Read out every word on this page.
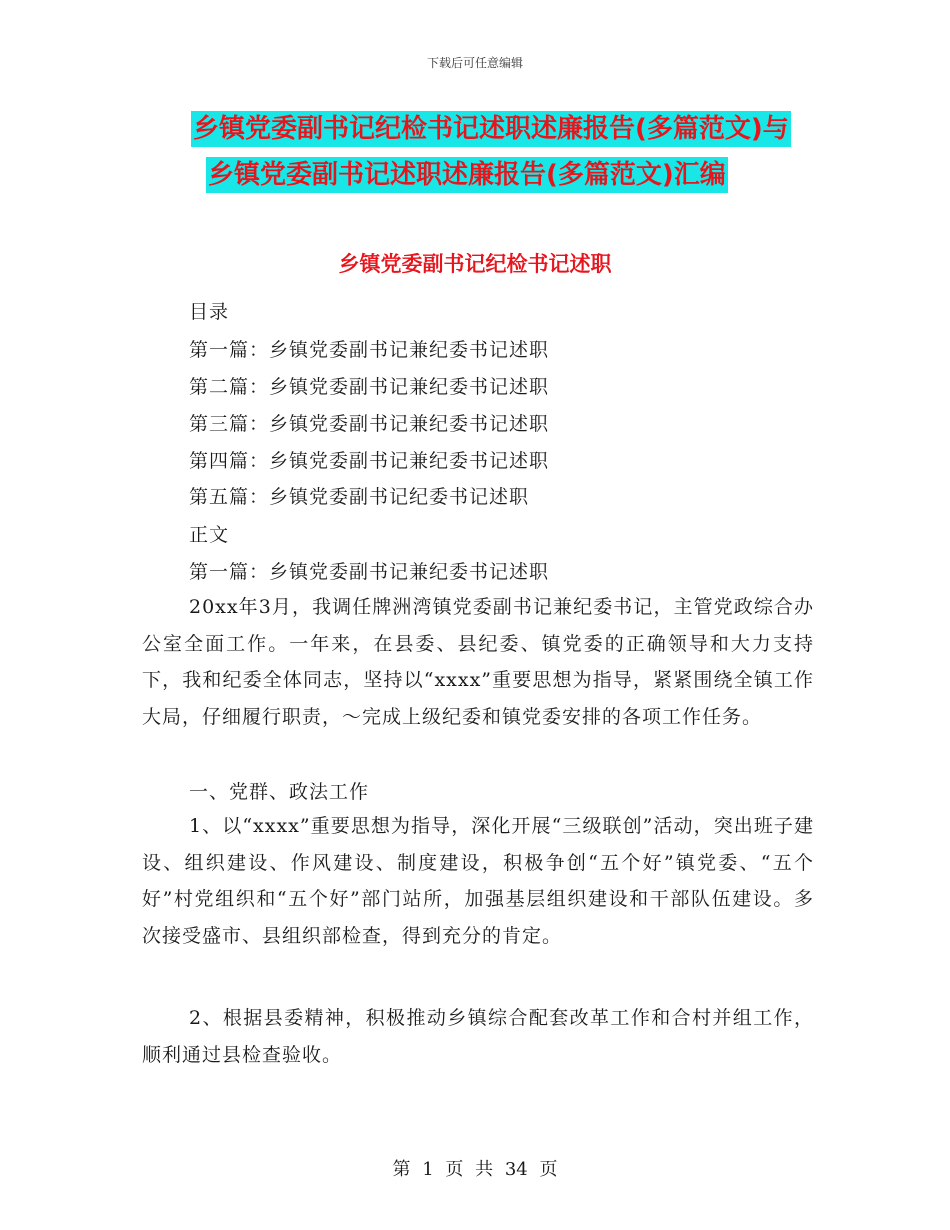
下载后可任意编辑
乡镇党委副书记纪检书记述职述廉报告(多篇范文)与
乡镇党委副书记述职述廉报告(多篇范文)汇编
乡镇党委副书记纪检书记述职
目录
第一篇：乡镇党委副书记兼纪委书记述职
第二篇：乡镇党委副书记兼纪委书记述职
第三篇：乡镇党委副书记兼纪委书记述职
第四篇：乡镇党委副书记兼纪委书记述职
第五篇：乡镇党委副书记纪委书记述职
正文
第一篇：乡镇党委副书记兼纪委书记述职
20xx年3月，我调任牌洲湾镇党委副书记兼纪委书记，主管党政综合办公室全面工作。一年来，在县委、县纪委、镇党委的正确领导和大力支持下，我和纪委全体同志，坚持以“xxxx”重要思想为指导，紧紧围绕全镇工作大局，仔细履行职责，～完成上级纪委和镇党委安排的各项工作任务。
一、党群、政法工作
1、以“xxxx”重要思想为指导，深化开展“三级联创”活动，突出班子建设、组织建设、作风建设、制度建设，积极争创“五个好”镇党委、“五个好”村党组织和“五个好”部门站所，加强基层组织建设和干部队伍建设。多次接受盛市、县组织部检查，得到充分的肯定。
2、根据县委精神，积极推动乡镇综合配套改革工作和合村并组工作，顺利通过县检查验收。
第 1 页 共 34 页
